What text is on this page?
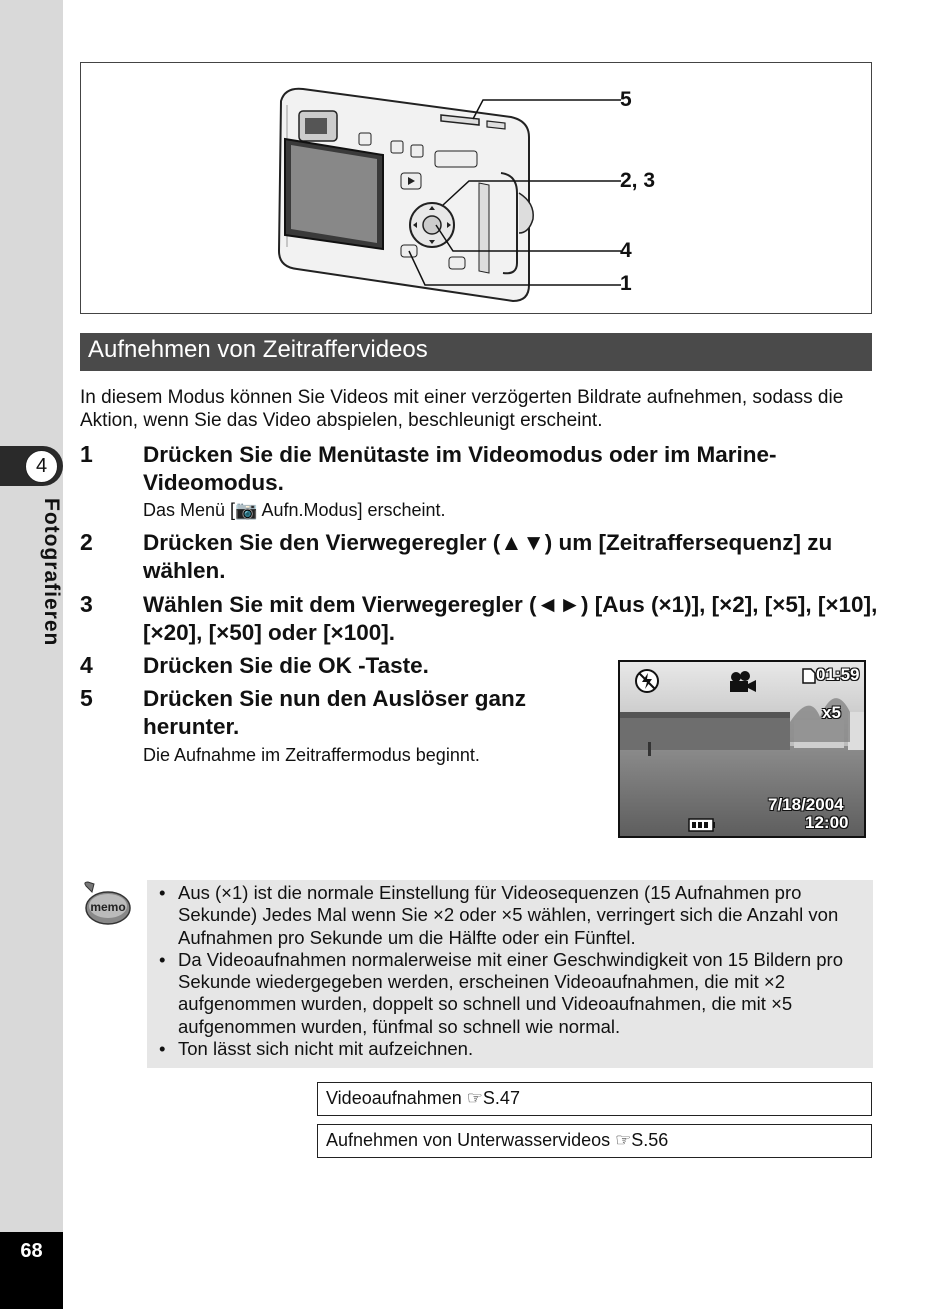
4
Fotografieren
68
5
2, 3
4
1
Aufnehmen von Zeitraffervideos
In diesem Modus können Sie Videos mit einer verzögerten Bildrate aufnehmen, sodass die Aktion, wenn Sie das Video abspielen, beschleunigt erscheint.
1 Drücken Sie die Menütaste im Videomodus oder im Marine-Videomodus.
Das Menü [📷 Aufn.Modus] erscheint.
2 Drücken Sie den Vierwegeregler (▲▼) um [Zeitraffersequenz] zu wählen.
3 Wählen Sie mit dem Vierwegeregler (◄►) [Aus (×1)], [×2], [×5], [×10], [×20], [×50] oder [×100].
4 Drücken Sie die OK -Taste.
5 Drücken Sie nun den Auslöser ganz herunter.
Die Aufnahme im Zeitraffermodus beginnt.
01:59
x5
7/18/2004
12:00
memo
• Aus (×1) ist die normale Einstellung für Videosequenzen (15 Aufnahmen pro Sekunde) Jedes Mal wenn Sie ×2 oder ×5 wählen, verringert sich die Anzahl von Aufnahmen pro Sekunde um die Hälfte oder ein Fünftel.
• Da Videoaufnahmen normalerweise mit einer Geschwindigkeit von 15 Bildern pro Sekunde wiedergegeben werden, erscheinen Videoaufnahmen, die mit ×2 aufgenommen wurden, doppelt so schnell und Videoaufnahmen, die mit ×5 aufgenommen wurden, fünfmal so schnell wie normal.
• Ton lässt sich nicht mit aufzeichnen.
Videoaufnahmen ☞S.47
Aufnehmen von Unterwasservideos ☞S.56
